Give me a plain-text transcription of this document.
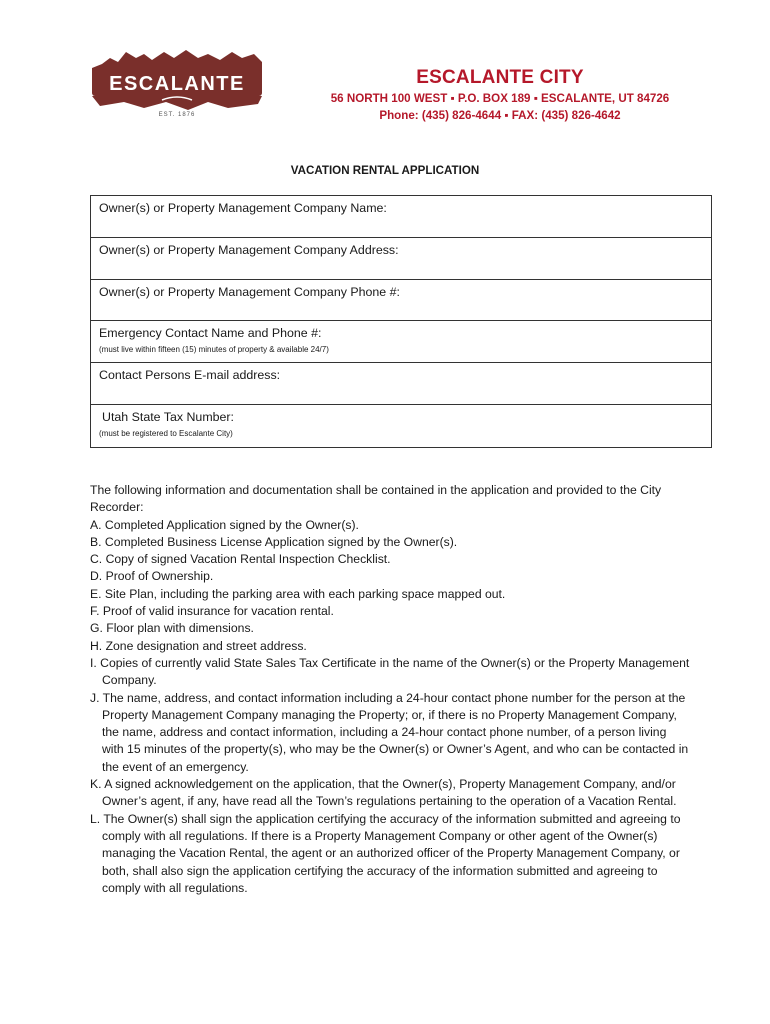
ESCALANTE
EST. 1876
ESCALANTE CITY
56 NORTH 100 WEST ▪ P.O. BOX 189 ▪ ESCALANTE, UT 84726
Phone: (435) 826-4644 ▪ FAX: (435) 826-4642
VACATION RENTAL APPLICATION
Owner(s) or Property Management Company Name:
Owner(s) or Property Management Company Address:
Owner(s) or Property Management Company Phone #:
Emergency Contact Name and Phone #:
(must live within fifteen (15) minutes of property & available 24/7)
Contact Persons E-mail address:
Utah State Tax Number:
(must be registered to Escalante City)

The following information and documentation shall be contained in the application and provided to the City Recorder:

A. Completed Application signed by the Owner(s).

B. Completed Business License Application signed by the Owner(s).

C. Copy of signed Vacation Rental Inspection Checklist.

D. Proof of Ownership.

E. Site Plan, including the parking area with each parking space mapped out.

F. Proof of valid insurance for vacation rental.

G. Floor plan with dimensions.

H. Zone designation and street address.

I. Copies of currently valid State Sales Tax Certificate in the name of the Owner(s) or the Property Management Company.

J. The name, address, and contact information including a 24-hour contact phone number for the person at the Property Management Company managing the Property; or, if there is no Property Management Company, the name, address and contact information, including a 24-hour contact phone number, of a person living with 15 minutes of the property(s), who may be the Owner(s) or Owner’s Agent, and who can be contacted in the event of an emergency.

K. A signed acknowledgement on the application, that the Owner(s), Property Management Company, and/or Owner’s agent, if any, have read all the Town’s regulations pertaining to the operation of a Vacation Rental.

L. The Owner(s) shall sign the application certifying the accuracy of the information submitted and agreeing to comply with all regulations. If there is a Property Management Company or other agent of the Owner(s) managing the Vacation Rental, the agent or an authorized officer of the Property Management Company, or both, shall also sign the application certifying the accuracy of the information submitted and agreeing to comply with all regulations.
